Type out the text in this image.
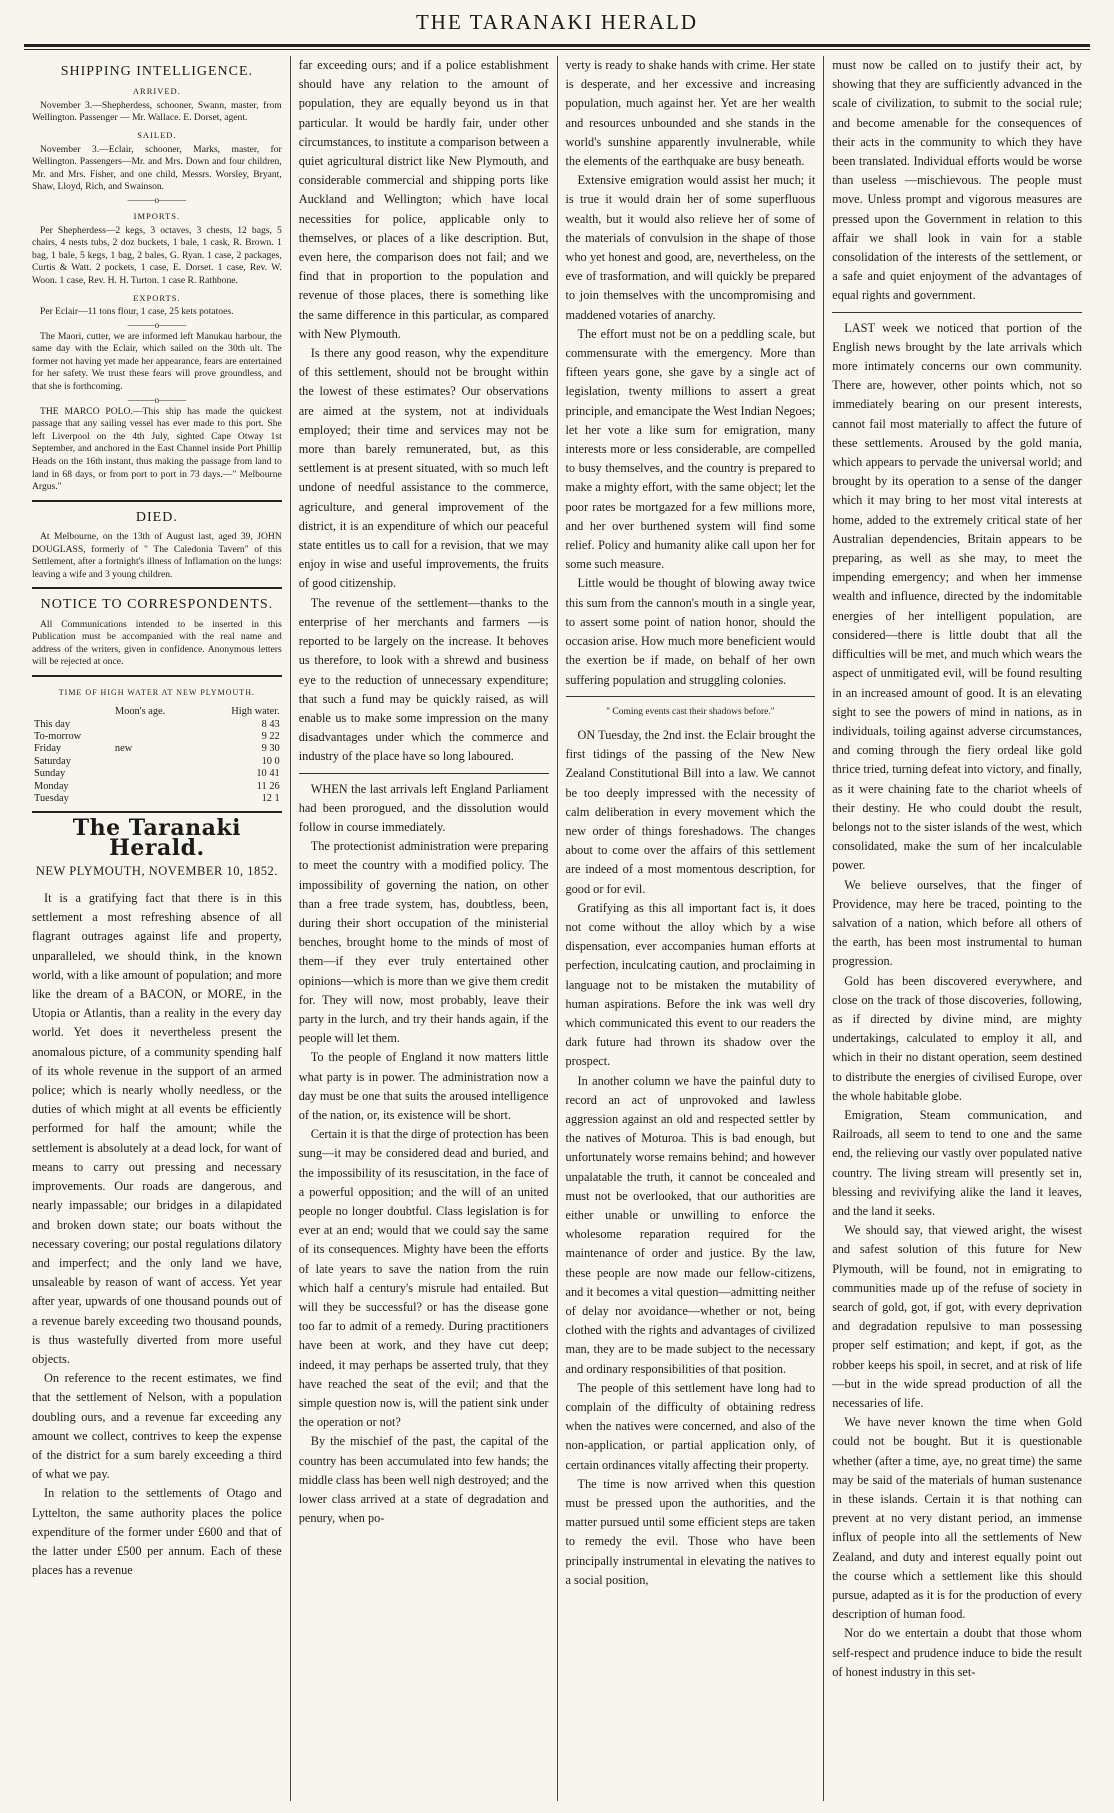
THE TARANAKI HERALD
SHIPPING INTELLIGENCE.
ARRIVED.

November 3.—Shepherdess, schooner, Swann, master, from Wellington. Passenger — Mr. Wallace. E. Dorset, agent.

SAILED.

November 3.—Eclair, schooner, Marks, master, for Wellington. Passengers—Mr. and Mrs. Down and four children, Mr. and Mrs. Fisher, and one child, Messrs. Worsley, Bryant, Shaw, Lloyd, Rich, and Swainson.

———o———
IMPORTS.

Per Shepherdess—2 kegs, 3 octaves, 3 chests, 12 bags, 5 chairs, 4 nests tubs, 2 doz buckets, 1 bale, 1 cask, R. Brown. 1 bag, 1 bale, 5 kegs, 1 bag, 2 bales, G. Ryan. 1 case, 2 packages, Curtis & Watt. 2 pockets, 1 case, E. Dorset. 1 case, Rev. W. Woon. 1 case, Rev. H. H. Turton. 1 case R. Rathbone.

EXPORTS.

Per Eclair—11 tons flour, 1 case, 25 kets potatoes.

———o———

The Maori, cutter, we are informed left Manukau harbour, the same day with the Eclair, which sailed on the 30th ult. The former not having yet made her appearance, fears are entertained for her safety. We trust these fears will prove groundless, and that she is forthcoming.

———o———

THE MARCO POLO.—This ship has made the quickest passage that any sailing vessel has ever made to this port. She left Liverpool on the 4th July, sighted Cape Otway 1st September, and anchored in the East Channel inside Port Phillip Heads on the 16th instant, thus making the passage from land to land in 68 days, or from port to port in 73 days.—" Melbourne Argus."

DIED.

At Melbourne, on the 13th of August last, aged 39, JOHN DOUGLASS, formerly of " The Caledonia Tavern" of this Settlement, after a fortnight's illness of Inflamation on the lungs: leaving a wife and 3 young children.

NOTICE TO CORRESPONDENTS.

All Communications intended to be inserted in this Publication must be accompanied with the real name and address of the writers, given in confidence. Anonymous letters will be rejected at once.

TIME OF HIGH WATER AT NEW PLYMOUTH.
	Moon's age.	High water.
This day		8 43
To-morrow		9 22
Friday	new	9 30
Saturday		10 0
Sunday		10 41
Monday		11 26
Tuesday		12 1
The Taranaki Herald.
NEW PLYMOUTH, NOVEMBER 10, 1852.

It is a gratifying fact that there is in this settlement a most refreshing absence of all flagrant outrages against life and property, unparalleled, we should think, in the known world, with a like amount of population; and more like the dream of a BACON, or MORE, in the Utopia or Atlantis, than a reality in the every day world. Yet does it nevertheless present the anomalous picture, of a community spending half of its whole revenue in the support of an armed police; which is nearly wholly needless, or the duties of which might at all events be efficiently performed for half the amount; while the settlement is absolutely at a dead lock, for want of means to carry out pressing and necessary improvements. Our roads are dangerous, and nearly impassable; our bridges in a dilapidated and broken down state; our boats without the necessary covering; our postal regulations dilatory and imperfect; and the only land we have, unsaleable by reason of want of access. Yet year after year, upwards of one thousand pounds out of a revenue barely exceeding two thousand pounds, is thus wastefully diverted from more useful objects.

On reference to the recent estimates, we find that the settlement of Nelson, with a population doubling ours, and a revenue far exceeding any amount we collect, contrives to keep the expense of the district for a sum barely exceeding a third of what we pay.

In relation to the settlements of Otago and Lyttelton, the same authority places the police expenditure of the former under £600 and that of the latter under £500 per annum. Each of these places has a revenue

far exceeding ours; and if a police establishment should have any relation to the amount of population, they are equally beyond us in that particular. It would be hardly fair, under other circumstances, to institute a comparison between a quiet agricultural district like New Plymouth, and considerable commercial and shipping ports like Auckland and Wellington; which have local necessities for police, applicable only to themselves, or places of a like description. But, even here, the comparison does not fail; and we find that in proportion to the population and revenue of those places, there is something like the same difference in this particular, as compared with New Plymouth.

Is there any good reason, why the expenditure of this settlement, should not be brought within the lowest of these estimates? Our observations are aimed at the system, not at individuals employed; their time and services may not be more than barely remunerated, but, as this settlement is at present situated, with so much left undone of needful assistance to the commerce, agriculture, and general improvement of the district, it is an expenditure of which our peaceful state entitles us to call for a revision, that we may enjoy in wise and useful improvements, the fruits of good citizenship.

The revenue of the settlement—thanks to the enterprise of her merchants and farmers —is reported to be largely on the increase. It behoves us therefore, to look with a shrewd and business eye to the reduction of unnecessary expenditure; that such a fund may be quickly raised, as will enable us to make some impression on the many disadvantages under which the commerce and industry of the place have so long laboured.

WHEN the last arrivals left England Parliament had been prorogued, and the dissolution would follow in course immediately.

The protectionist administration were preparing to meet the country with a modified policy. The impossibility of governing the nation, on other than a free trade system, has, doubtless, been, during their short occupation of the ministerial benches, brought home to the minds of most of them—if they ever truly entertained other opinions—which is more than we give them credit for. They will now, most probably, leave their party in the lurch, and try their hands again, if the people will let them.

To the people of England it now matters little what party is in power. The administration now a day must be one that suits the aroused intelligence of the nation, or, its existence will be short.

Certain it is that the dirge of protection has been sung—it may be considered dead and buried, and the impossibility of its resuscitation, in the face of a powerful opposition; and the will of an united people no longer doubtful. Class legislation is for ever at an end; would that we could say the same of its consequences. Mighty have been the efforts of late years to save the nation from the ruin which half a century's misrule had entailed. But will they be successful? or has the disease gone too far to admit of a remedy. During practitioners have been at work, and they have cut deep; indeed, it may perhaps be asserted truly, that they have reached the seat of the evil; and that the simple question now is, will the patient sink under the operation or not?

By the mischief of the past, the capital of the country has been accumulated into few hands; the middle class has been well nigh destroyed; and the lower class arrived at a state of degradation and penury, when po-

verty is ready to shake hands with crime. Her state is desperate, and her excessive and increasing population, much against her. Yet are her wealth and resources unbounded and she stands in the world's sunshine apparently invulnerable, while the elements of the earthquake are busy beneath.

Extensive emigration would assist her much; it is true it would drain her of some superfluous wealth, but it would also relieve her of some of the materials of convulsion in the shape of those who yet honest and good, are, nevertheless, on the eve of trasformation, and will quickly be prepared to join themselves with the uncompromising and maddened votaries of anarchy.

The effort must not be on a peddling scale, but commensurate with the emergency. More than fifteen years gone, she gave by a single act of legislation, twenty millions to assert a great principle, and emancipate the West Indian Negoes; let her vote a like sum for emigration, many interests more or less considerable, are compelled to busy themselves, and the country is prepared to make a mighty effort, with the same object; let the poor rates be mortgazed for a few millions more, and her over burthened system will find some relief. Policy and humanity alike call upon her for some such measure.

Little would be thought of blowing away twice this sum from the cannon's mouth in a single year, to assert some point of nation honor, should the occasion arise. How much more beneficient would the exertion be if made, on behalf of her own suffering population and struggling colonies.

" Coming events cast their shadows before."

ON Tuesday, the 2nd inst. the Eclair brought the first tidings of the passing of the New New Zealand Constitutional Bill into a law. We cannot be too deeply impressed with the necessity of calm deliberation in every movement which the new order of things foreshadows. The changes about to come over the affairs of this settlement are indeed of a most momentous description, for good or for evil.

Gratifying as this all important fact is, it does not come without the alloy which by a wise dispensation, ever accompanies human efforts at perfection, inculcating caution, and proclaiming in language not to be mistaken the mutability of human aspirations. Before the ink was well dry which communicated this event to our readers the dark future had thrown its shadow over the prospect.

In another column we have the painful duty to record an act of unprovoked and lawless aggression against an old and respected settler by the natives of Moturoa. This is bad enough, but unfortunately worse remains behind; and however unpalatable the truth, it cannot be concealed and must not be overlooked, that our authorities are either unable or unwilling to enforce the wholesome reparation required for the maintenance of order and justice. By the law, these people are now made our fellow-citizens, and it becomes a vital question—admitting neither of delay nor avoidance—whether or not, being clothed with the rights and advantages of civilized man, they are to be made subject to the necessary and ordinary responsibilities of that position.

The people of this settlement have long had to complain of the difficulty of obtaining redress when the natives were concerned, and also of the non-application, or partial application only, of certain ordinances vitally affecting their property.

The time is now arrived when this question must be pressed upon the authorities, and the matter pursued until some efficient steps are taken to remedy the evil. Those who have been principally instrumental in elevating the natives to a social position,

must now be called on to justify their act, by showing that they are sufficiently advanced in the scale of civilization, to submit to the social rule; and become amenable for the consequences of their acts in the community to which they have been translated. Individual efforts would be worse than useless —mischievous. The people must move. Unless prompt and vigorous measures are pressed upon the Government in relation to this affair we shall look in vain for a stable consolidation of the interests of the settlement, or a safe and quiet enjoyment of the advantages of equal rights and government.

LAST week we noticed that portion of the English news brought by the late arrivals which more intimately concerns our own community. There are, however, other points which, not so immediately bearing on our present interests, cannot fail most materially to affect the future of these settlements. Aroused by the gold mania, which appears to pervade the universal world; and brought by its operation to a sense of the danger which it may bring to her most vital interests at home, added to the extremely critical state of her Australian dependencies, Britain appears to be preparing, as well as she may, to meet the impending emergency; and when her immense wealth and influence, directed by the indomitable energies of her intelligent population, are considered—there is little doubt that all the difficulties will be met, and much which wears the aspect of unmitigated evil, will be found resulting in an increased amount of good. It is an elevating sight to see the powers of mind in nations, as in individuals, toiling against adverse circumstances, and coming through the fiery ordeal like gold thrice tried, turning defeat into victory, and finally, as it were chaining fate to the chariot wheels of their destiny. He who could doubt the result, belongs not to the sister islands of the west, which consolidated, make the sum of her incalculable power.

We believe ourselves, that the finger of Providence, may here be traced, pointing to the salvation of a nation, which before all others of the earth, has been most instrumental to human progression.

Gold has been discovered everywhere, and close on the track of those discoveries, following, as if directed by divine mind, are mighty undertakings, calculated to employ it all, and which in their no distant operation, seem destined to distribute the energies of civilised Europe, over the whole habitable globe.

Emigration, Steam communication, and Railroads, all seem to tend to one and the same end, the relieving our vastly over populated native country. The living stream will presently set in, blessing and revivifying alike the land it leaves, and the land it seeks.

We should say, that viewed aright, the wisest and safest solution of this future for New Plymouth, will be found, not in emigrating to communities made up of the refuse of society in search of gold, got, if got, with every deprivation and degradation repulsive to man possessing proper self estimation; and kept, if got, as the robber keeps his spoil, in secret, and at risk of life—but in the wide spread production of all the necessaries of life.

We have never known the time when Gold could not be bought. But it is questionable whether (after a time, aye, no great time) the same may be said of the materials of human sustenance in these islands. Certain it is that nothing can prevent at no very distant period, an immense influx of people into all the settlements of New Zealand, and duty and interest equally point out the course which a settlement like this should pursue, adapted as it is for the production of every description of human food.

Nor do we entertain a doubt that those whom self-respect and prudence induce to bide the result of honest industry in this set-
